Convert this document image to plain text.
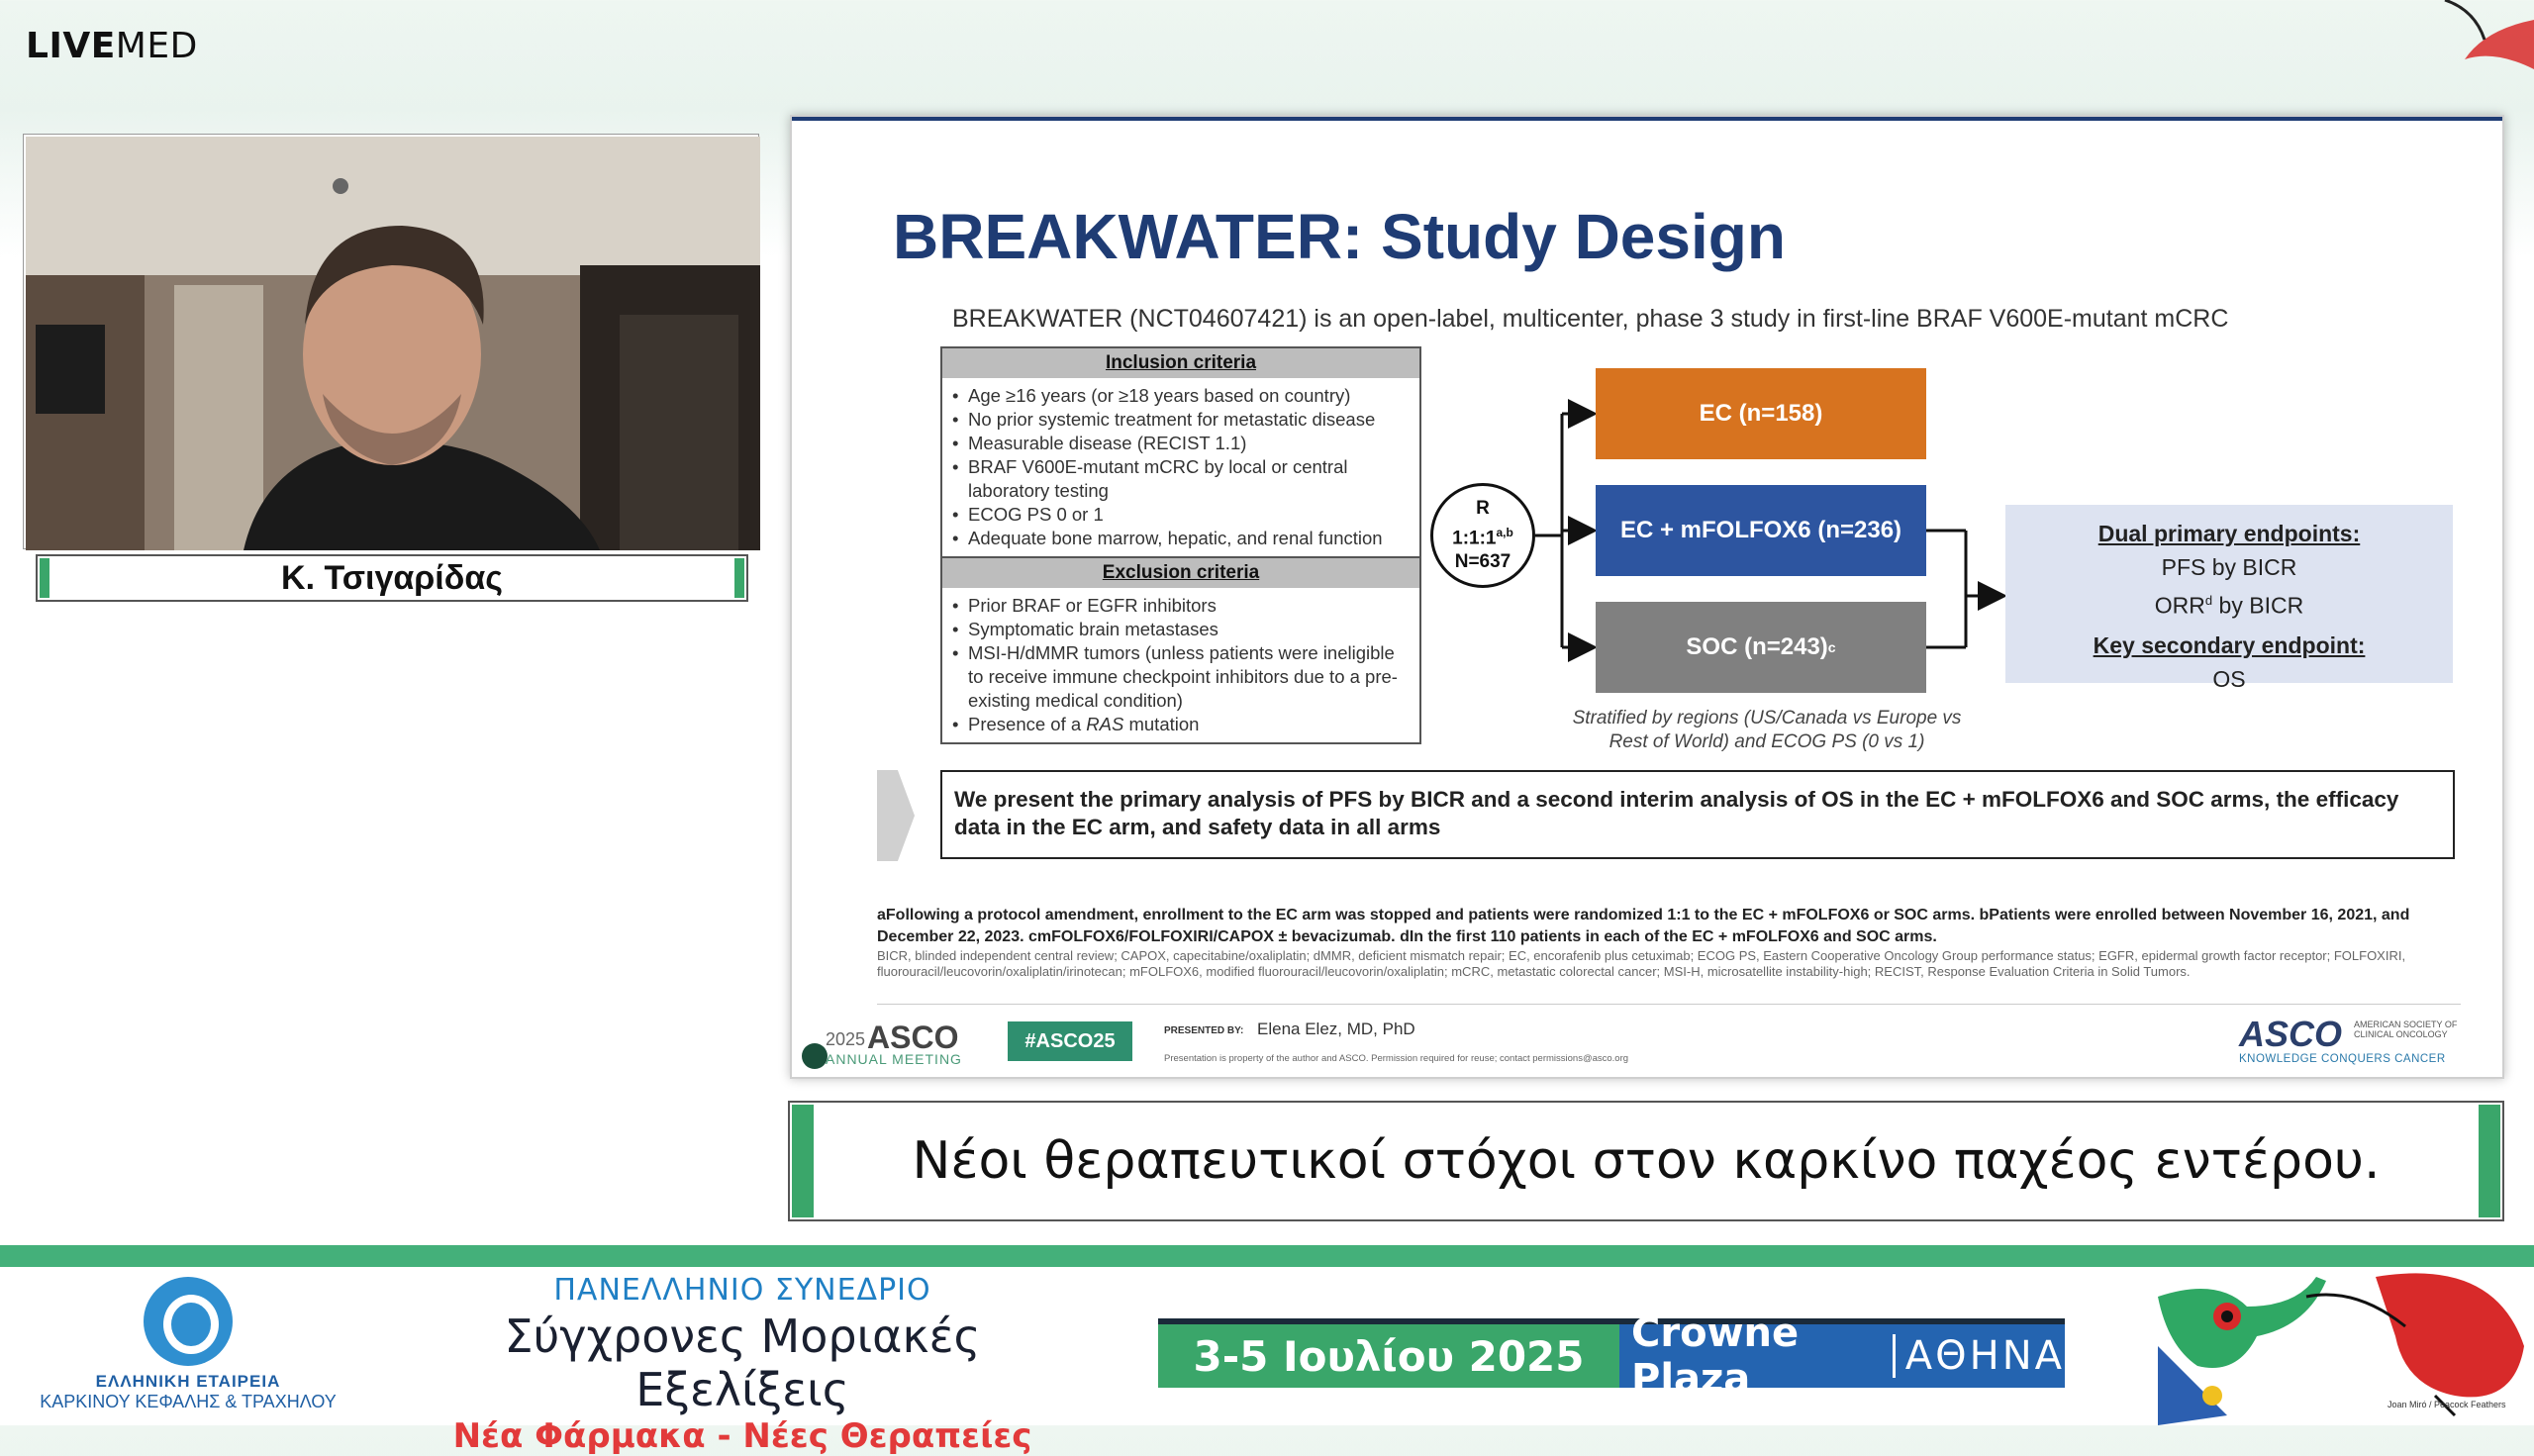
LIVEMED
Κ. Τσιγαρίδας
BREAKWATER: Study Design
BREAKWATER (NCT04607421) is an open-label, multicenter, phase 3 study in first-line BRAF V600E-mutant mCRC
Inclusion criteria
• Age ≥16 years (or ≥18 years based on country)
• No prior systemic treatment for metastatic disease
• Measurable disease (RECIST 1.1)
• BRAF V600E-mutant mCRC by local or central laboratory testing
• ECOG PS 0 or 1
• Adequate bone marrow, hepatic, and renal function
Exclusion criteria
• Prior BRAF or EGFR inhibitors
• Symptomatic brain metastases
• MSI-H/dMMR tumors (unless patients were ineligible to receive immune checkpoint inhibitors due to a pre-existing medical condition)
• Presence of a RAS mutation
R
1:1:1$^{a,b}$
N=637
EC (n=158)
EC + mFOLFOX6 (n=236)
SOC (n=243) c
Stratified by regions (US/Canada vs Europe vs Rest of World) and ECOG PS (0 vs 1)
Dual primary endpoints:
PFS by BICR
ORR$^d$ by BICR
Key secondary endpoint:
OS
We present the primary analysis of PFS by BICR and a second interim analysis of OS in the EC + mFOLFOX6 and SOC arms, the efficacy data in the EC arm, and safety data in all arms
aFollowing a protocol amendment, enrollment to the EC arm was stopped and patients were randomized 1:1 to the EC + mFOLFOX6 or SOC arms. bPatients were enrolled between November 16, 2021, and December 22, 2023. cmFOLFOX6/FOLFOXIRI/CAPOX ± bevacizumab. dIn the first 110 patients in each of the EC + mFOLFOX6 and SOC arms.
BICR, blinded independent central review; CAPOX, capecitabine/oxaliplatin; dMMR, deficient mismatch repair; EC, encorafenib plus cetuximab; ECOG PS, Eastern Cooperative Oncology Group performance status; EGFR, epidermal growth factor receptor; FOLFOXIRI, fluorouracil/leucovorin/oxaliplatin/irinotecan; mFOLFOX6, modified fluorouracil/leucovorin/oxaliplatin; mCRC, metastatic colorectal cancer; MSI-H, microsatellite instability-high; RECIST, Response Evaluation Criteria in Solid Tumors.
2025 ASCO
ANNUAL MEETING
#ASCO25	PRESENTED BY: Elena Elez, MD, PhD
Presentation is property of the author and ASCO. Permission required for reuse; contact permissions@asco.org
ASCO AMERICAN SOCIETY OF CLINICAL ONCOLOGY
KNOWLEDGE CONQUERS CANCER
Νέοι θεραπευτικοί στόχοι στον καρκίνο παχέος εντέρου.
ΕΛΛΗΝΙΚΗ ΕΤΑΙΡΕΙΑ
ΚΑΡΚΙΝΟΥ ΚΕΦΑΛΗΣ & ΤΡΑΧΗΛΟΥ
ΠΑΝΕΛΛΗΝΙΟ ΣΥΝΕΔΡΙΟ
Σύγχρονες Μοριακές Εξελίξεις
Νέα Φάρμακα - Νέες Θεραπείες
3-5 Ιουλίου 2025	Crowne Plaza	ΑΘΗΝΑ
Joan Miró / Peacock Feathers
